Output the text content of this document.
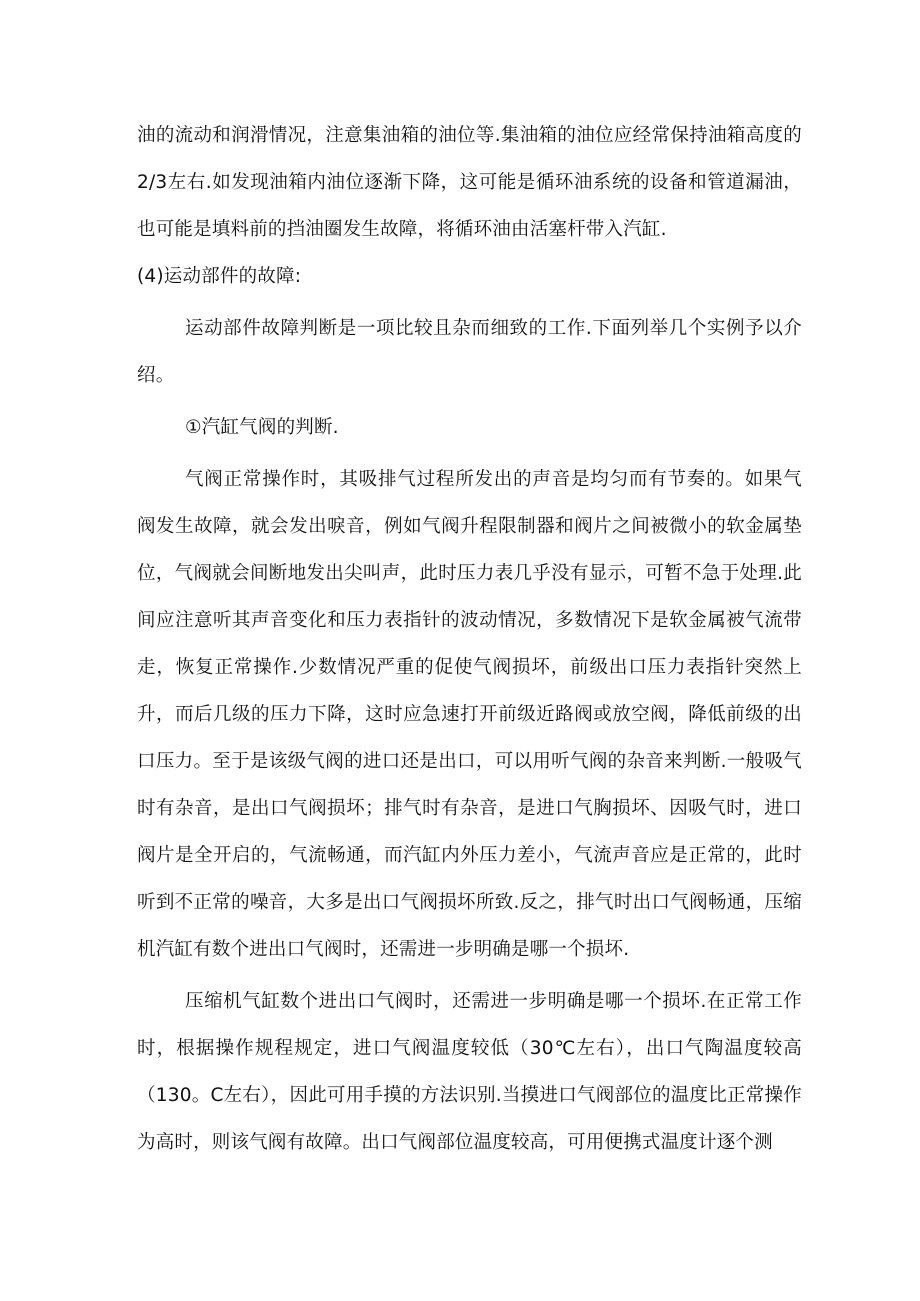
油的流动和润滑情况，注意集油箱的油位等.集油箱的油位应经常保持油箱高度的2/3左右.如发现油箱内油位逐渐下降，这可能是循环油系统的设备和管道漏油，也可能是填料前的挡油圈发生故障，将循环油由活塞杆带入汽缸.

(4)运动部件的故障:

运动部件故障判断是一项比较且杂而细致的工作.下面列举几个实例予以介绍。

①汽缸气阀的判断.

气阀正常操作时，其吸排气过程所发出的声音是均匀而有节奏的。如果气阀发生故障，就会发出唳音，例如气阀升程限制器和阀片之间被微小的软金属垫位，气阀就会间断地发出尖叫声，此时压力表几乎没有显示，可暂不急于处理.此间应注意听其声音变化和压力表指针的波动情况，多数情况下是软金属被气流带走，恢复正常操作.少数情况严重的促使气阀损坏，前级出口压力表指针突然上升，而后几级的压力下降，这时应急速打开前级近路阀或放空阀，降低前级的出口压力。至于是该级气阀的进口还是出口，可以用听气阀的杂音来判断.一般吸气时有杂音，是出口气阀损坏；排气时有杂音，是进口气胸损坏、因吸气时，进口阀片是全开启的，气流畅通，而汽缸内外压力差小，气流声音应是正常的，此时听到不正常的噪音，大多是出口气阀损坏所致.反之，排气时出口气阀畅通，压缩机汽缸有数个进出口气阀时，还需进一步明确是哪一个损坏.

压缩机气缸数个进出口气阀时，还需进一步明确是哪一个损坏.在正常工作时，根据操作规程规定，进口气阀温度较低（30℃左右），出口气陶温度较高（130。C左右），因此可用手摸的方法识别.当摸进口气阀部位的温度比正常操作为高时，则该气阀有故障。出口气阀部位温度较高，可用便携式温度计逐个测
